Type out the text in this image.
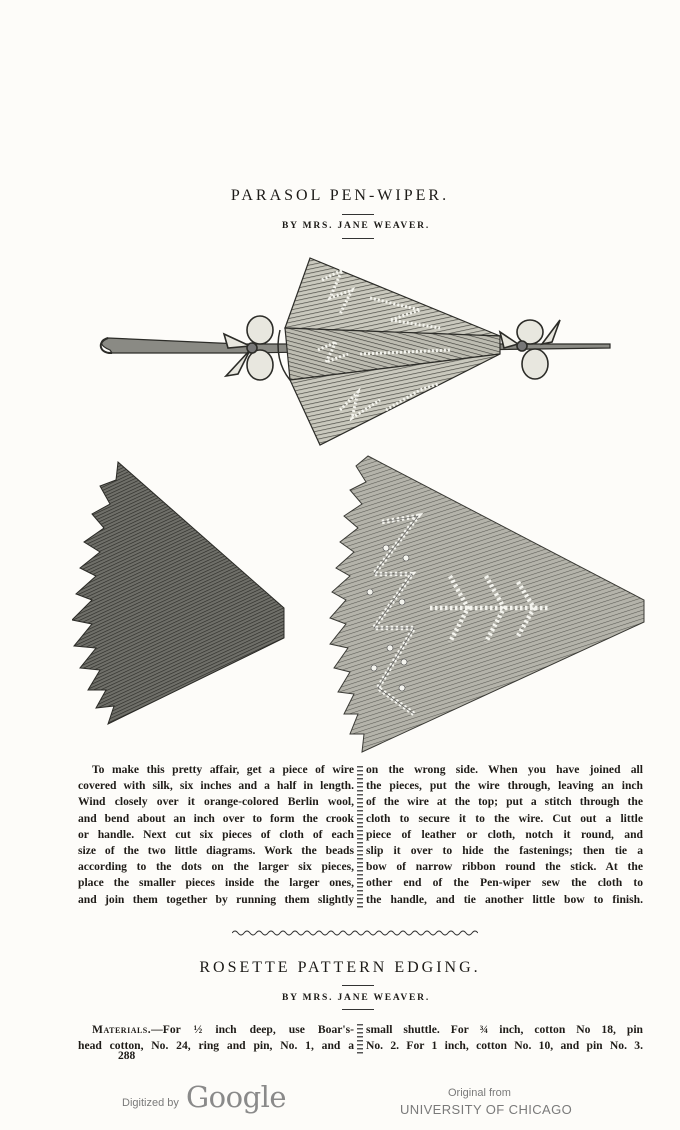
PARASOL PEN-WIPER.
BY MRS. JANE WEAVER.

To make this pretty affair, get a piece of wire

covered with silk, six inches and a half in length.

Wind closely over it orange-colored Berlin wool,

and bend about an inch over to form the crook

or handle. Next cut six pieces of cloth of each

size of the two little diagrams. Work the beads

according to the dots on the larger six pieces,

place the smaller pieces inside the larger ones,

and join them together by running them slightly

on the wrong side. When you have joined all

the pieces, put the wire through, leaving an inch

of the wire at the top; put a stitch through the

cloth to secure it to the wire. Cut out a little

piece of leather or cloth, notch it round, and

slip it over to hide the fastenings; then tie a

bow of narrow ribbon round the stick. At the

other end of the Pen-wiper sew the cloth to

the handle, and tie another little bow to finish.

ROSETTE PATTERN EDGING.
BY MRS. JANE WEAVER.
Materials.—For ½ inch deep, use Boar's-
head cotton, No. 24, ring and pin, No. 1, and a
small shuttle. For ¾ inch, cotton No 18, pin
No. 2. For 1 inch, cotton No. 10, and pin No. 3.
288
Digitized by Google	Original from
UNIVERSITY OF CHICAGO
